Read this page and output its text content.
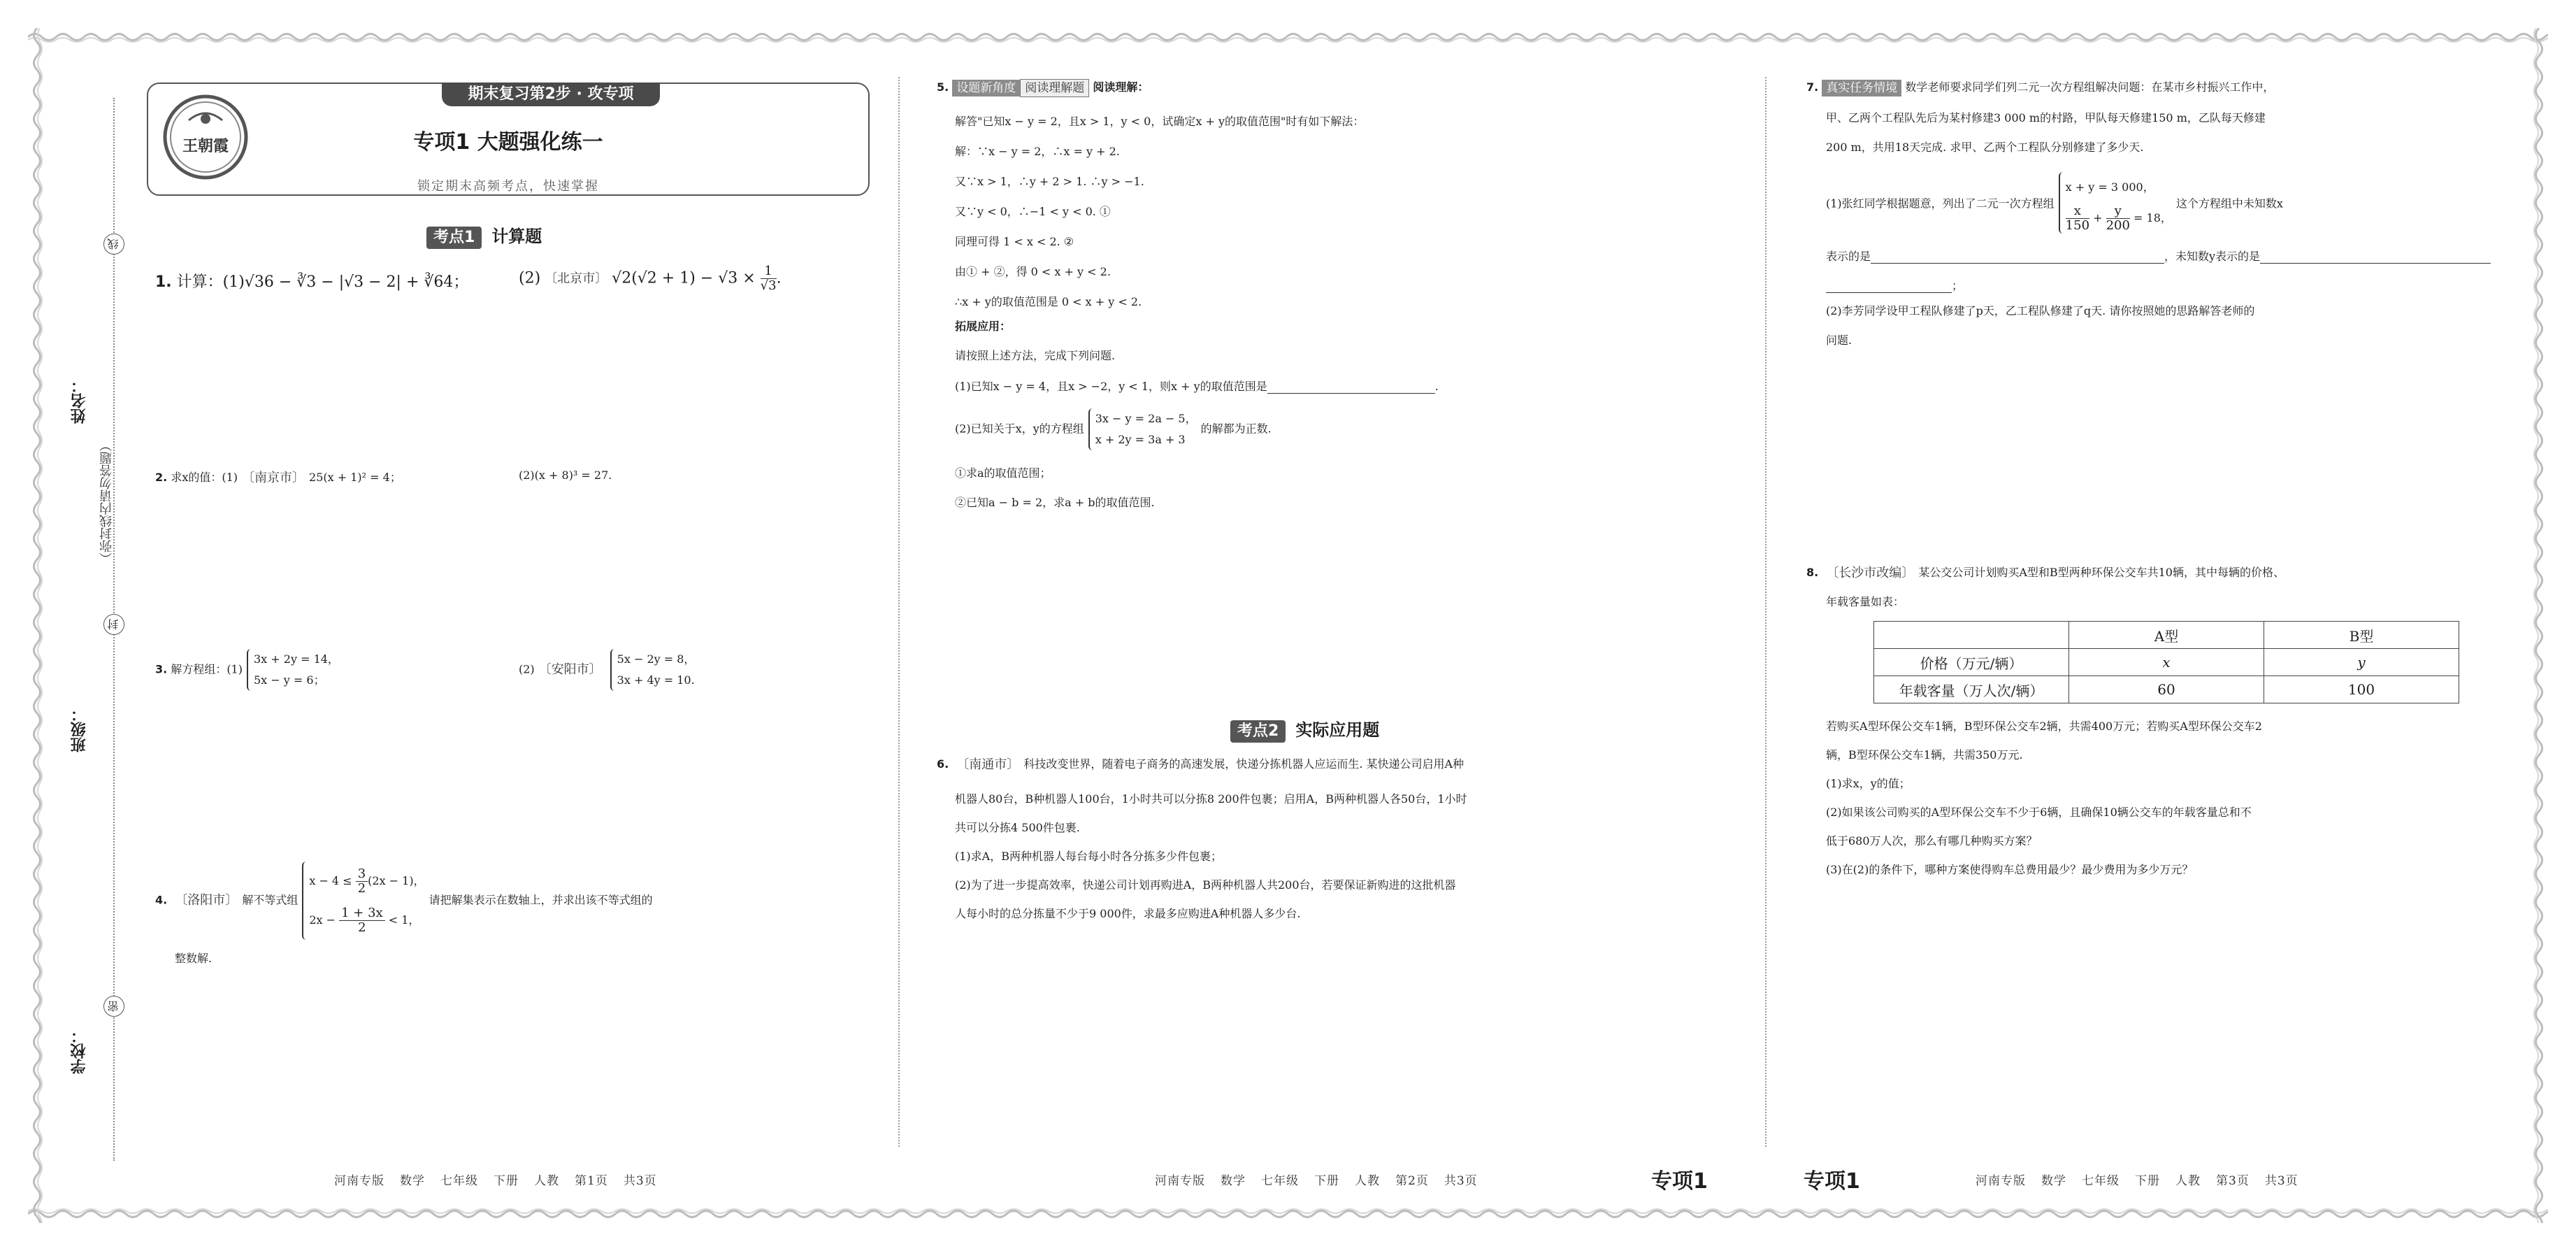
姓名：
班级：
学校：
线
封
密
（弥封线内请勿答题）
期末复习第2步 · 攻专项
王朝霞	专项1 大题强化练一
锁定期末高频考点，快速掌握
考点1 计算题
1. 计算：(1)√36 − ∛3 − |√3 − 2| + ∛64；	(2) 〔北京市〕 $√2(√2 + 1) - √3 \times \frac{1}{√3}$.
2. 求x的值：(1) 〔南京市〕 25(x + 1)² = 4；	(2)(x + 8)³ = 27.
3. 解方程组：(1)3x + 2y = 14，
5x − y = 6；
(2) 〔安阳市〕5x − 2y = 8，
3x + 4y = 10.
4. 〔洛阳市〕 解不等式组$x - 4 \le \frac{3}{2}(2x - 1)$，
$2x - \frac{1 + 3x}{2} < 1$，请把解集表示在数轴上，并求出该不等式组的
整数解.
5. 设题新角度 阅读理解题 阅读理解：
解答"已知x − y = 2，且x > 1，y < 0，试确定x + y的取值范围"时有如下解法：
解：∵x − y = 2，∴x = y + 2.
又∵x > 1，∴y + 2 > 1. ∴y > −1.
又∵y < 0，∴−1 < y < 0. ①
同理可得 1 < x < 2. ②
由① + ②，得 0 < x + y < 2.
∴x + y的取值范围是 0 < x + y < 2.
拓展应用：
请按照上述方法，完成下列问题.
(1)已知x − y = 4，且x > −2，y < 1，则x + y的取值范围是	.
(2)已知关于x，y的方程组3x − y = 2a − 5，
x + 2y = 3a + 3的解都为正数.
①求a的取值范围；
②已知a − b = 2，求a + b的取值范围.
考点2 实际应用题
6. 〔南通市〕 科技改变世界，随着电子商务的高速发展，快递分拣机器人应运而生. 某快递公司启用A种
机器人80台，B种机器人100台，1小时共可以分拣8 200件包裹；启用A，B两种机器人各50台，1小时
共可以分拣4 500件包裹.
(1)求A，B两种机器人每台每小时各分拣多少件包裹；
(2)为了进一步提高效率，快递公司计划再购进A，B两种机器人共200台，若要保证新购进的这批机器
人每小时的总分拣量不少于9 000件，求最多应购进A种机器人多少台.
7. 真实任务情境 数学老师要求同学们列二元一次方程组解决问题：在某市乡村振兴工作中，
甲、乙两个工程队先后为某村修建3 000 m的村路，甲队每天修建150 m，乙队每天修建
200 m，共用18天完成. 求甲、乙两个工程队分别修建了多少天.
(1)张红同学根据题意，列出了二元一次方程组x + y = 3 000，

$\frac{x}{150} + \frac{y}{200} = 18$，这个方程组中未知数x
表示的是	，未知数y表示的是
；
(2)李芳同学设甲工程队修建了p天，乙工程队修建了q天. 请你按照她的思路解答老师的
问题.
8. 〔长沙市改编〕 某公交公司计划购买A型和B型两种环保公交车共10辆，其中每辆的价格、
年载客量如表：
	A型	B型
价格（万元/辆）	x	y
年载客量（万人次/辆）	60	100
若购买A型环保公交车1辆，B型环保公交车2辆，共需400万元；若购买A型环保公交车2
辆，B型环保公交车1辆，共需350万元.
(1)求x，y的值；
(2)如果该公司购买的A型环保公交车不少于6辆，且确保10辆公交车的年载客量总和不
低于680万人次，那么有哪几种购买方案？
(3)在(2)的条件下，哪种方案使得购车总费用最少？最少费用为多少万元？
河南专版 数学 七年级 下册 人教 第1页 共3页	河南专版 数学 七年级 下册 人教 第2页 共3页	河南专版 数学 七年级 下册 人教 第3页 共3页
专项1	专项1
